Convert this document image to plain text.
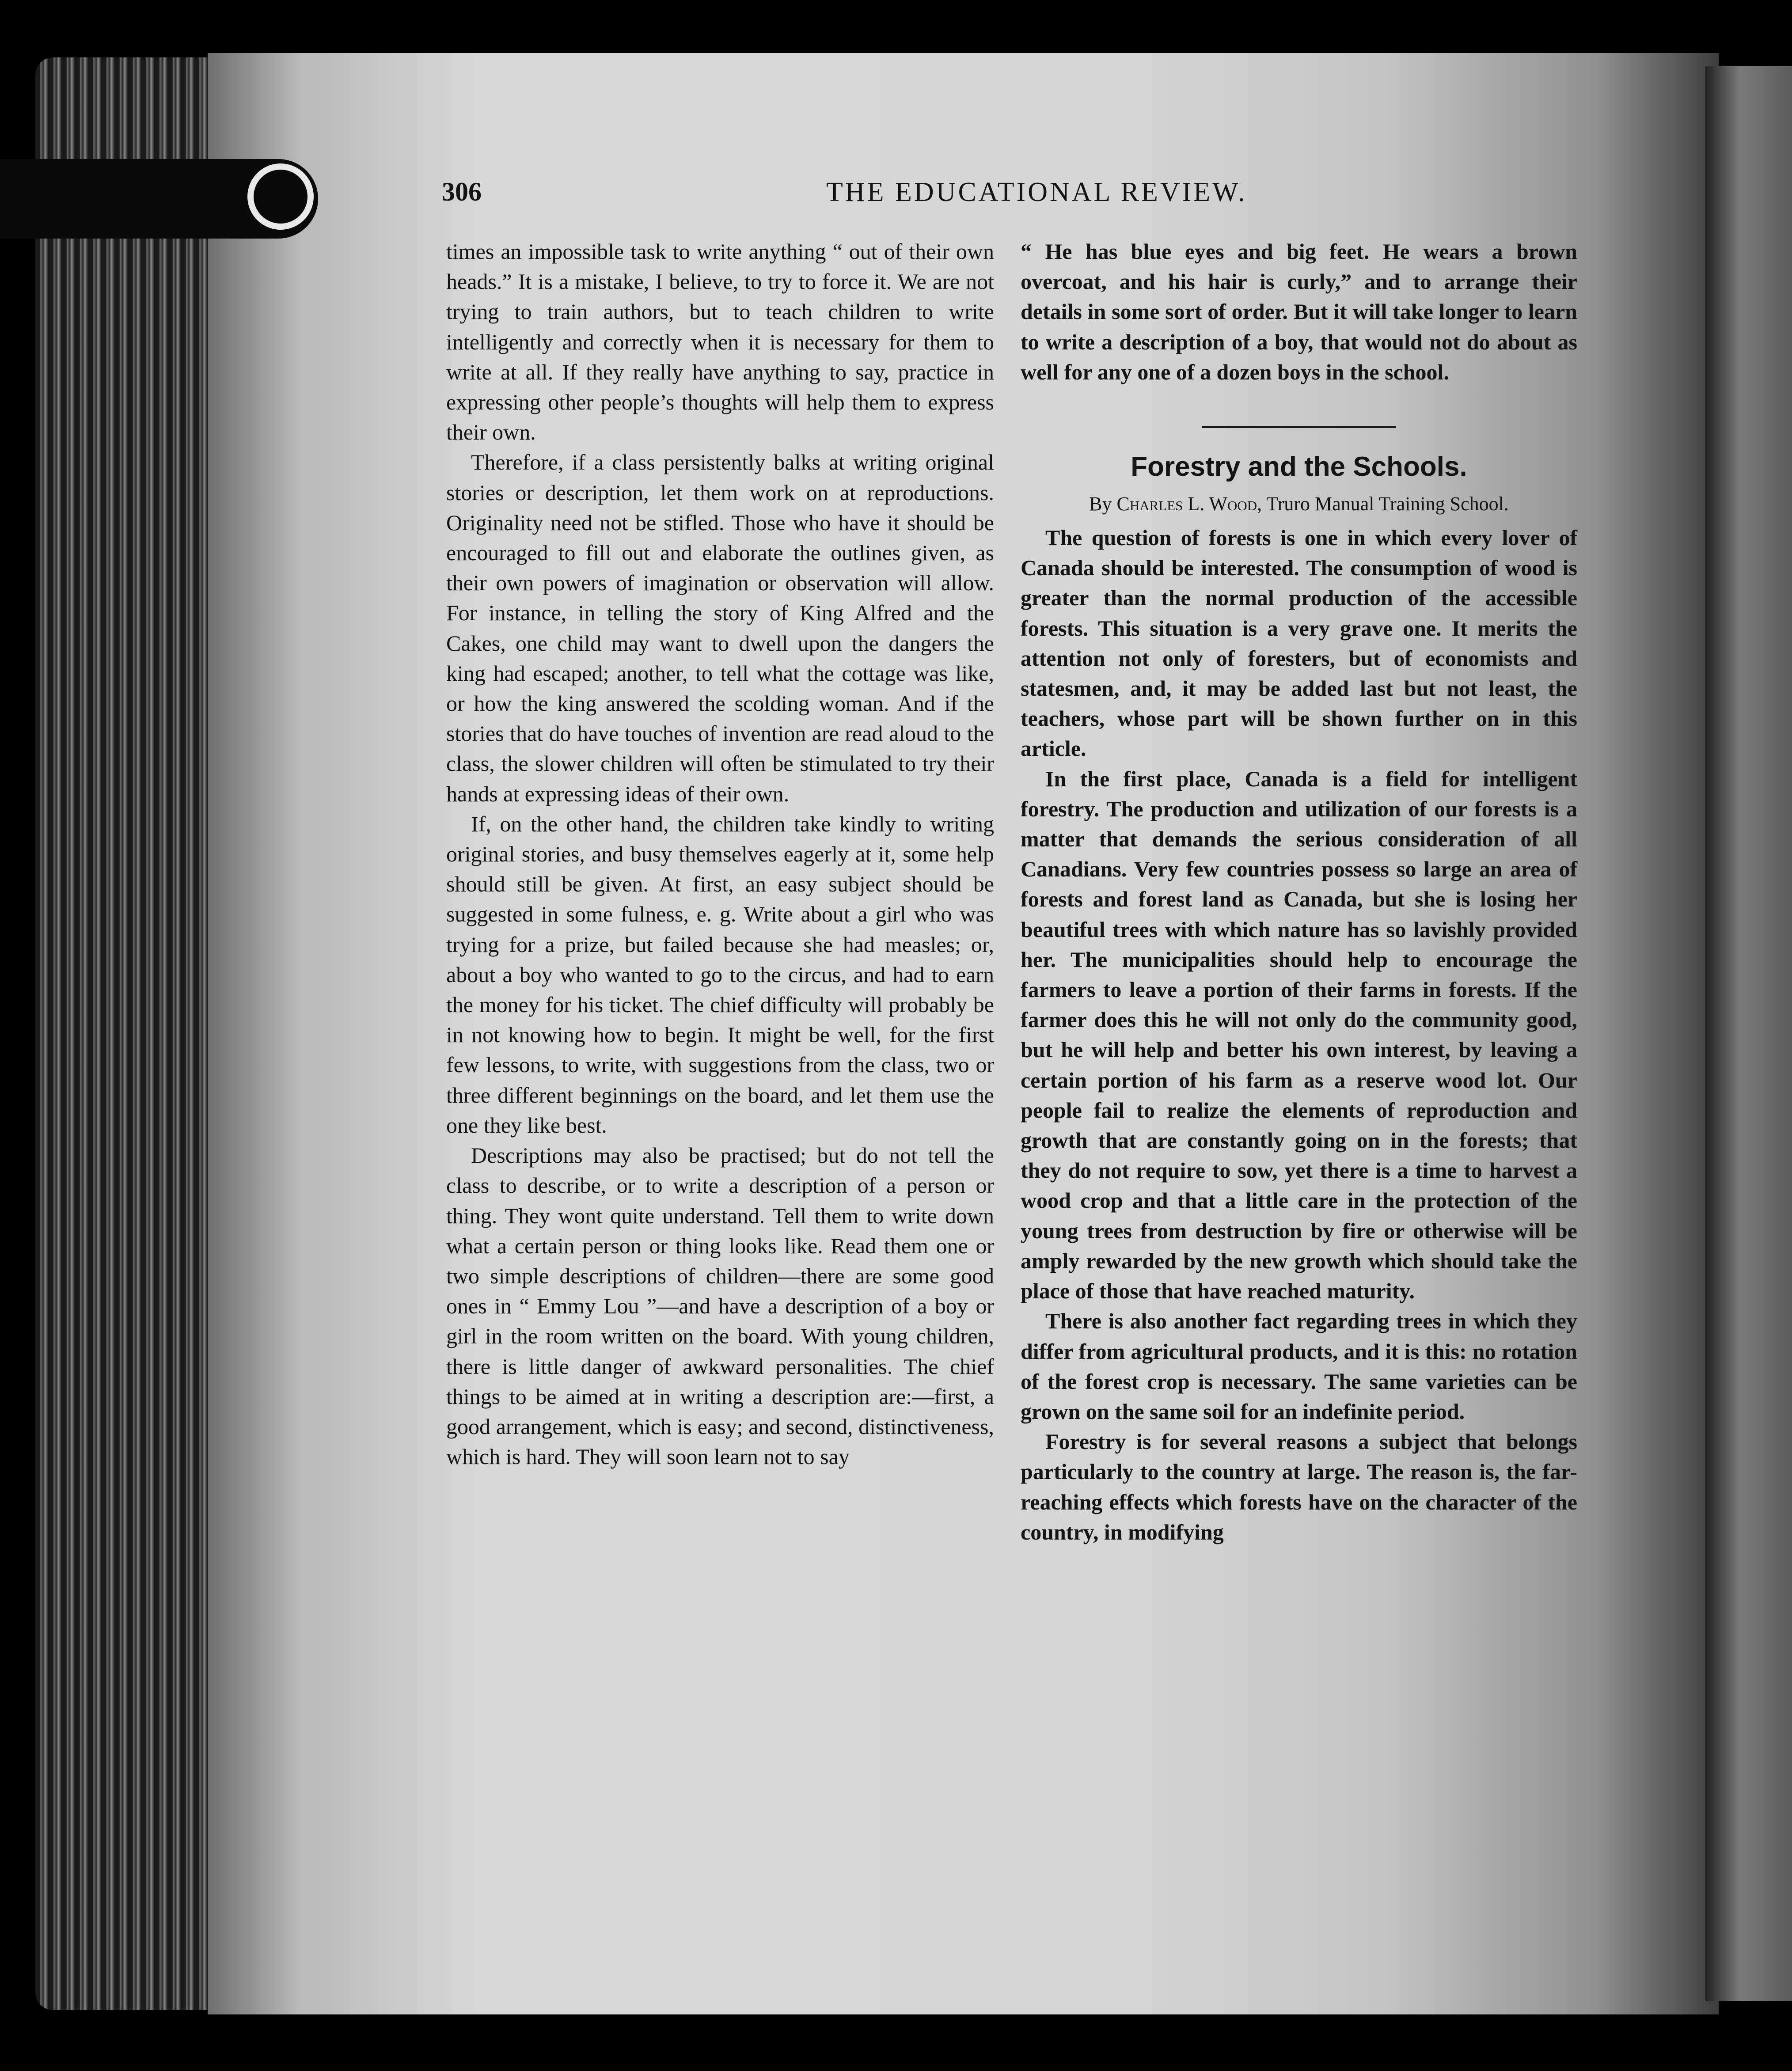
306	THE EDUCATIONAL REVIEW.

times an impossible task to write anything “ out of their own heads.” It is a mistake, I believe, to try to force it. We are not trying to train authors, but to teach children to write intelligently and correctly when it is necessary for them to write at all. If they really have anything to say, practice in expressing other people’s thoughts will help them to express their own.

Therefore, if a class persistently balks at writing original stories or description, let them work on at reproductions. Originality need not be stifled. Those who have it should be encouraged to fill out and elaborate the outlines given, as their own powers of imagination or observation will allow. For instance, in telling the story of King Alfred and the Cakes, one child may want to dwell upon the dangers the king had escaped; another, to tell what the cottage was like, or how the king answered the scolding woman. And if the stories that do have touches of invention are read aloud to the class, the slower children will often be stimulated to try their hands at expressing ideas of their own.

If, on the other hand, the children take kindly to writing original stories, and busy themselves eagerly at it, some help should still be given. At first, an easy subject should be suggested in some fulness, e. g. Write about a girl who was trying for a prize, but failed because she had measles; or, about a boy who wanted to go to the circus, and had to earn the money for his ticket. The chief difficulty will probably be in not knowing how to begin. It might be well, for the first few lessons, to write, with suggestions from the class, two or three different beginnings on the board, and let them use the one they like best.

Descriptions may also be practised; but do not tell the class to describe, or to write a description of a person or thing. They wont quite understand. Tell them to write down what a certain person or thing looks like. Read them one or two simple descriptions of children—there are some good ones in “ Emmy Lou ”—and have a description of a boy or girl in the room written on the board. With young children, there is little danger of awkward personalities. The chief things to be aimed at in writing a description are:—first, a good arrangement, which is easy; and second, distinctiveness, which is hard. They will soon learn not to say

“ He has blue eyes and big feet. He wears a brown overcoat, and his hair is curly,” and to arrange their details in some sort of order. But it will take longer to learn to write a description of a boy, that would not do about as well for any one of a dozen boys in the school.

Forestry and the Schools.
By Charles L. Wood, Truro Manual Training School.

The question of forests is one in which every lover of Canada should be interested. The consumption of wood is greater than the normal production of the accessible forests. This situation is a very grave one. It merits the attention not only of foresters, but of economists and statesmen, and, it may be added last but not least, the teachers, whose part will be shown further on in this article.

In the first place, Canada is a field for intelligent forestry. The production and utilization of our forests is a matter that demands the serious consideration of all Canadians. Very few countries possess so large an area of forests and forest land as Canada, but she is losing her beautiful trees with which nature has so lavishly provided her. The municipalities should help to encourage the farmers to leave a portion of their farms in forests. If the farmer does this he will not only do the community good, but he will help and better his own interest, by leaving a certain portion of his farm as a reserve wood lot. Our people fail to realize the elements of reproduction and growth that are constantly going on in the forests; that they do not require to sow, yet there is a time to harvest a wood crop and that a little care in the protection of the young trees from destruction by fire or otherwise will be amply rewarded by the new growth which should take the place of those that have reached maturity.

There is also another fact regarding trees in which they differ from agricultural products, and it is this: no rotation of the forest crop is necessary. The same varieties can be grown on the same soil for an indefinite period.

Forestry is for several reasons a subject that belongs particularly to the country at large. The reason is, the far-reaching effects which forests have on the character of the country, in modifying
